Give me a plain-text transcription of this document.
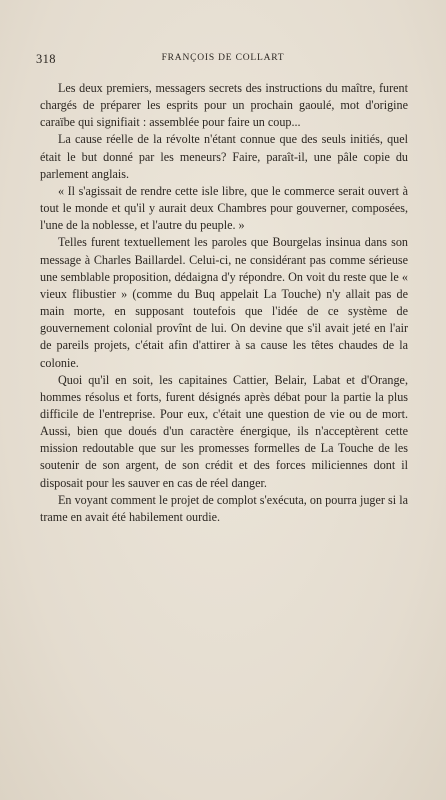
318	FRANÇOIS DE COLLART

Les deux premiers, messagers secrets des instructions du maître, furent chargés de préparer les esprits pour un prochain gaoulé, mot d'origine caraïbe qui signifiait : assemblée pour faire un coup...

La cause réelle de la révolte n'étant connue que des seuls initiés, quel était le but donné par les meneurs? Faire, paraît-il, une pâle copie du parlement anglais.

« Il s'agissait de rendre cette isle libre, que le commerce serait ouvert à tout le monde et qu'il y aurait deux Chambres pour gouverner, composées, l'une de la noblesse, et l'autre du peuple. »

Telles furent textuellement les paroles que Bourgelas insinua dans son message à Charles Baillardel. Celui-ci, ne considérant pas comme sérieuse une semblable proposition, dédaigna d'y répondre. On voit du reste que le « vieux flibustier » (comme du Buq appelait La Touche) n'y allait pas de main morte, en supposant toutefois que l'idée de ce système de gouvernement colonial provînt de lui. On devine que s'il avait jeté en l'air de pareils projets, c'était afin d'attirer à sa cause les têtes chaudes de la colonie.

Quoi qu'il en soit, les capitaines Cattier, Belair, Labat et d'Orange, hommes résolus et forts, furent désignés après débat pour la partie la plus difficile de l'entreprise. Pour eux, c'était une question de vie ou de mort. Aussi, bien que doués d'un caractère énergique, ils n'acceptèrent cette mission redoutable que sur les promesses formelles de La Touche de les soutenir de son argent, de son crédit et des forces miliciennes dont il disposait pour les sauver en cas de réel danger.

En voyant comment le projet de complot s'exécuta, on pourra juger si la trame en avait été habilement ourdie.
